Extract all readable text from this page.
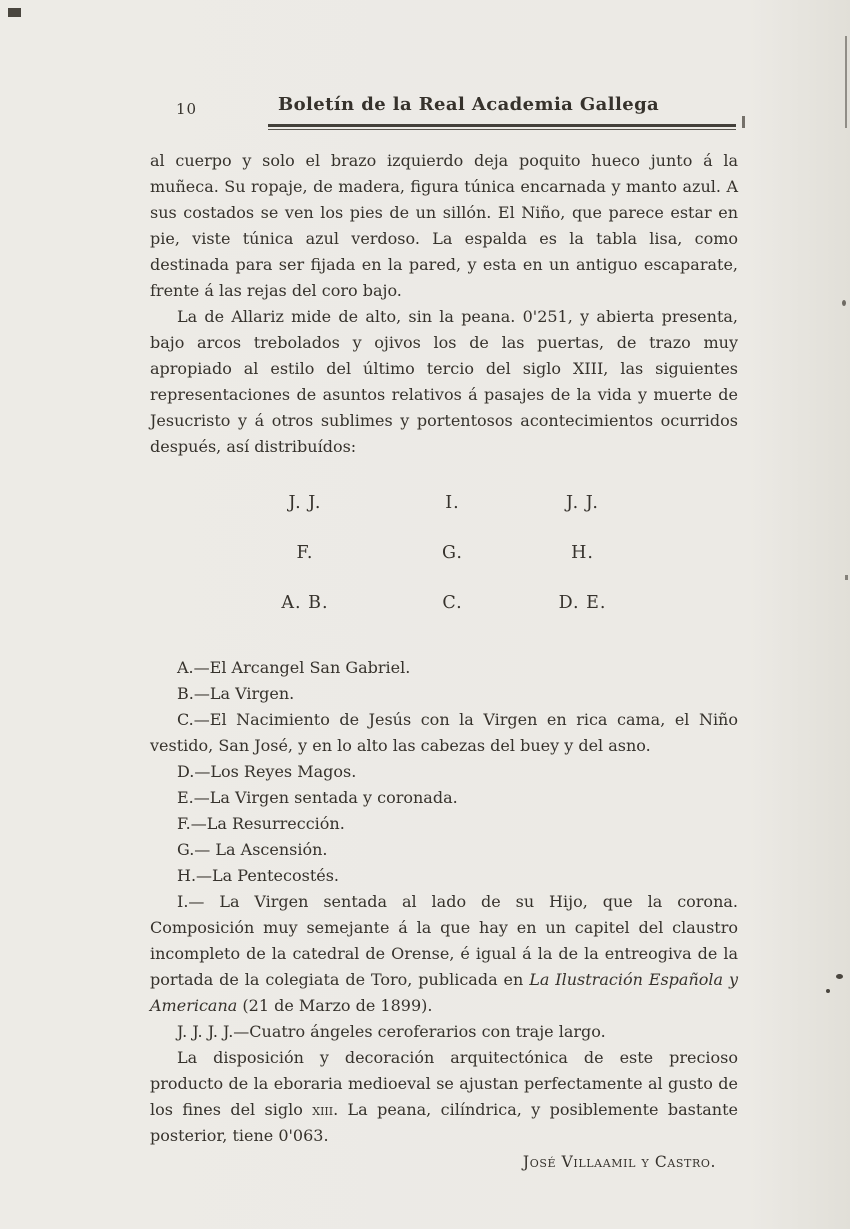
10	Boletín de la Real Academia Gallega

al cuerpo y solo el brazo izquierdo deja poquito hueco junto á la muñeca. Su ropaje, de madera, figura túnica encarnada y manto azul. A sus costados se ven los pies de un sillón. El Niño, que parece estar en pie, viste túnica azul verdoso. La espalda es la tabla lisa, como destinada para ser fijada en la pared, y esta en un antiguo escaparate, frente á las rejas del coro bajo.

La de Allariz mide de alto, sin la peana. 0'251, y abierta presenta, bajo arcos trebolados y ojivos los de las puertas, de trazo muy apropiado al estilo del último tercio del siglo XIII, las siguientes representaciones de asuntos relativos á pasajes de la vida y muerte de Jesucristo y á otros sublimes y portentosos acontecimientos ocurridos después, así distribuídos:

J. J.	I.	J. J.
F.	G.	H.
A. B.	C.	D. E.

A.—El Arcangel San Gabriel.

B.—La Virgen.

C.—El Nacimiento de Jesús con la Virgen en rica cama, el Niño vestido, San José, y en lo alto las cabezas del buey y del asno.

D.—Los Reyes Magos.

E.—La Virgen sentada y coronada.

F.—La Resurrección.

G.— La Ascensión.

H.—La Pentecostés.

I.— La Virgen sentada al lado de su Hijo, que la corona. Composición muy semejante á la que hay en un capitel del claustro incompleto de la catedral de Orense, é igual á la de la entreogiva de la portada de la colegiata de Toro, publicada en La Ilustración Española y Americana (21 de Marzo de 1899).

J. J. J. J.—Cuatro ángeles ceroferarios con traje largo.

La disposición y decoración arquitectónica de este precioso producto de la eboraria medioeval se ajustan perfectamente al gusto de los fines del siglo xiii. La peana, cilíndrica, y posiblemente bastante posterior, tiene 0'063.

José Villaamil y Castro.
